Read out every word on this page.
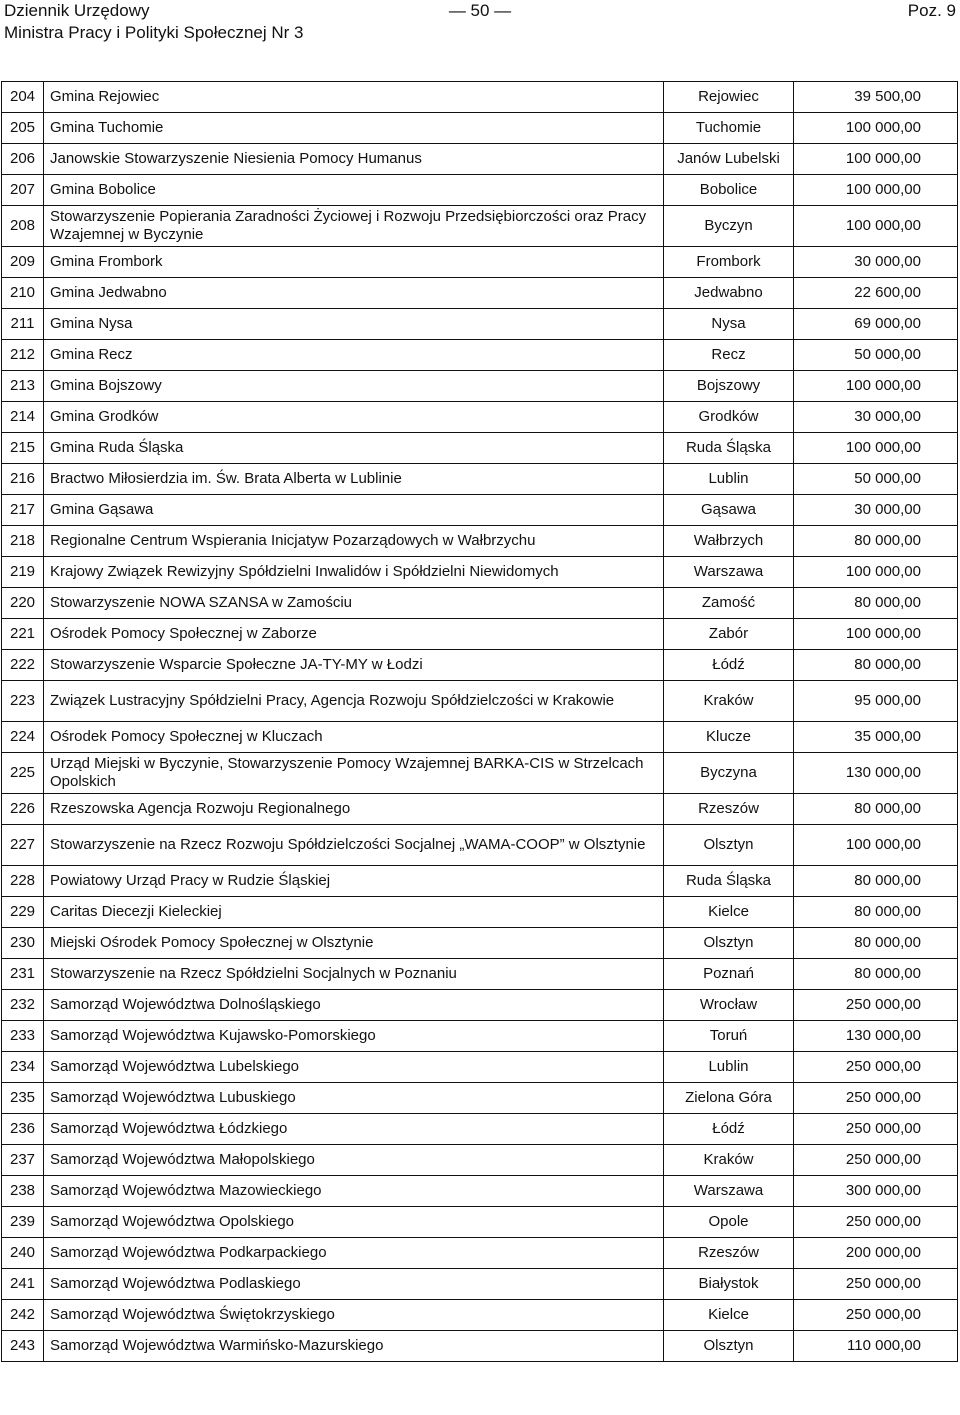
Dziennik Urzędowy	— 50 —	Poz. 9
Ministra Pracy i Polityki Społecznej Nr 3
204	Gmina Rejowiec	Rejowiec	39 500,00
205	Gmina Tuchomie	Tuchomie	100 000,00
206	Janowskie Stowarzyszenie Niesienia Pomocy Humanus	Janów Lubelski	100 000,00
207	Gmina Bobolice	Bobolice	100 000,00
208	Stowarzyszenie Popierania Zaradności Życiowej i Rozwoju Przedsiębiorczości oraz Pracy Wzajemnej w Byczynie	Byczyn	100 000,00
209	Gmina Frombork	Frombork	30 000,00
210	Gmina Jedwabno	Jedwabno	22 600,00
211	Gmina Nysa	Nysa	69 000,00
212	Gmina Recz	Recz	50 000,00
213	Gmina Bojszowy	Bojszowy	100 000,00
214	Gmina Grodków	Grodków	30 000,00
215	Gmina Ruda Śląska	Ruda Śląska	100 000,00
216	Bractwo Miłosierdzia im. Św. Brata Alberta w Lublinie	Lublin	50 000,00
217	Gmina Gąsawa	Gąsawa	30 000,00
218	Regionalne Centrum Wspierania Inicjatyw Pozarządowych w Wałbrzychu	Wałbrzych	80 000,00
219	Krajowy Związek Rewizyjny Spółdzielni Inwalidów i Spółdzielni Niewidomych	Warszawa	100 000,00
220	Stowarzyszenie NOWA SZANSA w Zamościu	Zamość	80 000,00
221	Ośrodek Pomocy Społecznej w Zaborze	Zabór	100 000,00
222	Stowarzyszenie Wsparcie Społeczne JA-TY-MY w Łodzi	Łódź	80 000,00
223	Związek Lustracyjny Spółdzielni Pracy, Agencja Rozwoju Spółdzielczości w Krakowie	Kraków	95 000,00
224	Ośrodek Pomocy Społecznej w Kluczach	Klucze	35 000,00
225	Urząd Miejski w Byczynie, Stowarzyszenie Pomocy Wzajemnej BARKA-CIS w Strzelcach Opolskich	Byczyna	130 000,00
226	Rzeszowska Agencja Rozwoju Regionalnego	Rzeszów	80 000,00
227	Stowarzyszenie na Rzecz Rozwoju Spółdzielczości Socjalnej „WAMA-COOP” w Olsztynie	Olsztyn	100 000,00
228	Powiatowy Urząd Pracy w Rudzie Śląskiej	Ruda Śląska	80 000,00
229	Caritas Diecezji Kieleckiej	Kielce	80 000,00
230	Miejski Ośrodek Pomocy Społecznej w Olsztynie	Olsztyn	80 000,00
231	Stowarzyszenie na Rzecz Spółdzielni Socjalnych w Poznaniu	Poznań	80 000,00
232	Samorząd Województwa Dolnośląskiego	Wrocław	250 000,00
233	Samorząd Województwa Kujawsko-Pomorskiego	Toruń	130 000,00
234	Samorząd Województwa Lubelskiego	Lublin	250 000,00
235	Samorząd Województwa Lubuskiego	Zielona Góra	250 000,00
236	Samorząd Województwa Łódzkiego	Łódź	250 000,00
237	Samorząd Województwa Małopolskiego	Kraków	250 000,00
238	Samorząd Województwa Mazowieckiego	Warszawa	300 000,00
239	Samorząd Województwa Opolskiego	Opole	250 000,00
240	Samorząd Województwa Podkarpackiego	Rzeszów	200 000,00
241	Samorząd Województwa Podlaskiego	Białystok	250 000,00
242	Samorząd Województwa Świętokrzyskiego	Kielce	250 000,00
243	Samorząd Województwa Warmińsko-Mazurskiego	Olsztyn	110 000,00
